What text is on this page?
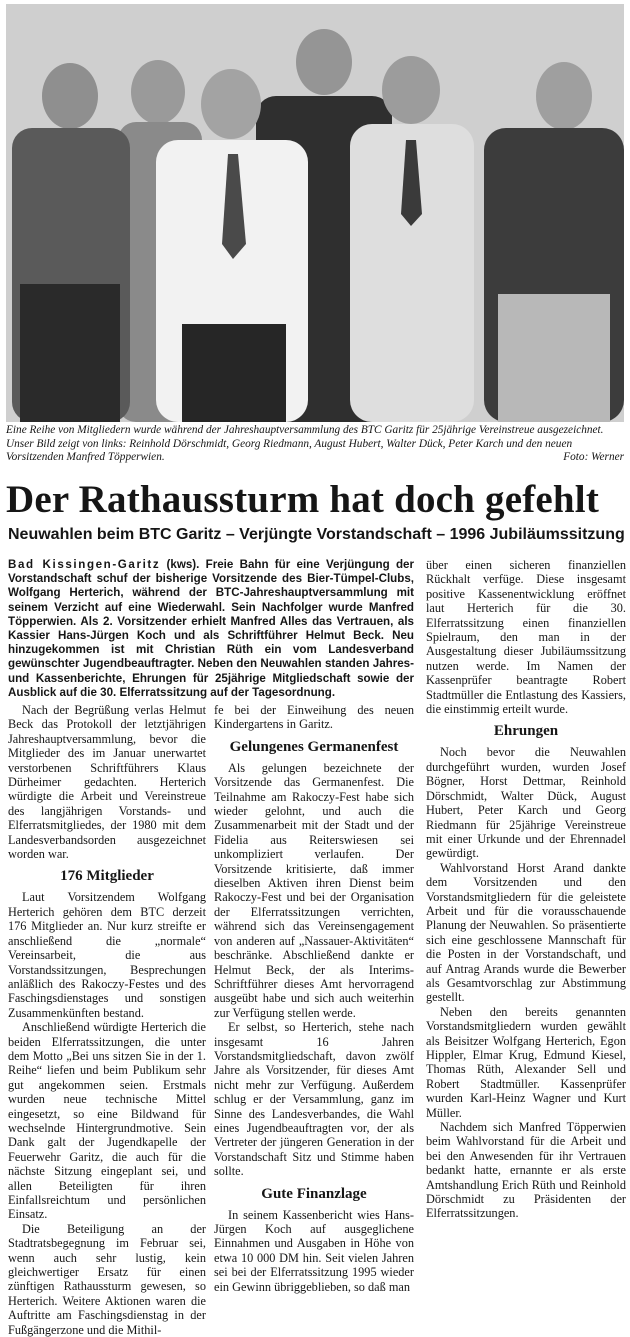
Eine Reihe von Mitgliedern wurde während der Jahreshauptversammlung des BTC Garitz für 25jährige Vereinstreue ausgezeichnet. Unser Bild zeigt von links: Reinhold Dörschmidt, Georg Riedmann, August Hubert, Walter Dück, Peter Karch und den neuen Vorsitzenden Manfred Töpperwien.	Foto: Werner
Der Rathaussturm hat doch gefehlt
Neuwahlen beim BTC Garitz – Verjüngte Vorstandschaft – 1996 Jubiläumssitzung
Bad Kissingen-Garitz (kws). Freie Bahn für eine Verjüngung der Vorstandschaft schuf der bisherige Vorsitzende des Bier-Tümpel-Clubs, Wolfgang Herterich, während der BTC-Jahreshauptversammlung mit seinem Verzicht auf eine Wiederwahl. Sein Nachfolger wurde Manfred Töpperwien. Als 2. Vorsitzender erhielt Manfred Alles das Vertrauen, als Kassier Hans-Jürgen Koch und als Schriftführer Helmut Beck. Neu hinzugekommen ist mit Christian Rüth ein vom Landesverband gewünschter Jugendbeauftragter. Neben den Neuwahlen standen Jahres- und Kassenberichte, Ehrungen für 25jährige Mitgliedschaft sowie der Ausblick auf die 30. Elferratssitzung auf der Tagesordnung.

Nach der Begrüßung verlas Helmut Beck das Protokoll der letztjährigen Jahreshauptversammlung, bevor die Mitglieder des im Januar unerwartet verstorbenen Schriftführers Klaus Dürheimer gedachten. Herterich würdigte die Arbeit und Vereinstreue des langjährigen Vorstands- und Elferratsmitgliedes, der 1980 mit dem Landesverbandsorden ausgezeichnet worden war.

176 Mitglieder

Laut Vorsitzendem Wolfgang Herterich gehören dem BTC derzeit 176 Mitglieder an. Nur kurz streifte er anschließend die „normale“ Vereinsarbeit, die aus Vorstandssitzungen, Besprechungen anläßlich des Rakoczy-Festes und des Faschingsdienstages und sonstigen Zusammenkünften bestand.

Anschließend würdigte Herterich die beiden Elferratssitzungen, die unter dem Motto „Bei uns sitzen Sie in der 1. Reihe“ liefen und beim Publikum sehr gut angekommen seien. Erstmals wurden neue technische Mittel eingesetzt, so eine Bildwand für wechselnde Hintergrundmotive. Sein Dank galt der Jugendkapelle der Feuerwehr Garitz, die auch für die nächste Sitzung eingeplant sei, und allen Beteiligten für ihren Einfallsreichtum und persönlichen Einsatz.

Die Beteiligung an der Stadtratsbegegnung im Februar sei, wenn auch sehr lustig, kein gleichwertiger Ersatz für einen zünftigen Rathaussturm gewesen, so Herterich. Weitere Aktionen waren die Auftritte am Faschingsdienstag in der Fußgängerzone und die Mithil-

fe bei der Einweihung des neuen Kindergartens in Garitz.

Gelungenes Germanenfest

Als gelungen bezeichnete der Vorsitzende das Germanenfest. Die Teilnahme am Rakoczy-Fest habe sich wieder gelohnt, und auch die Zusammenarbeit mit der Stadt und der Fidelia aus Reiterswiesen sei unkompliziert verlaufen. Der Vorsitzende kritisierte, daß immer dieselben Aktiven ihren Dienst beim Rakoczy-Fest und bei der Organisation der Elferratssitzungen verrichten, während sich das Vereinsengagement von anderen auf „Nassauer-Aktivitäten“ beschränke. Abschließend dankte er Helmut Beck, der als Interims-Schriftführer dieses Amt hervorragend ausgeübt habe und sich auch weiterhin zur Verfügung stellen werde.

Er selbst, so Herterich, stehe nach insgesamt 16 Jahren Vorstandsmitgliedschaft, davon zwölf Jahre als Vorsitzender, für dieses Amt nicht mehr zur Verfügung. Außerdem schlug er der Versammlung, ganz im Sinne des Landesverbandes, die Wahl eines Jugendbeauftragten vor, der als Vertreter der jüngeren Generation in der Vorstandschaft Sitz und Stimme haben sollte.

Gute Finanzlage

In seinem Kassenbericht wies Hans-Jürgen Koch auf ausgeglichene Einnahmen und Ausgaben in Höhe von etwa 10 000 DM hin. Seit vielen Jahren sei bei der Elferratssitzung 1995 wieder ein Gewinn übriggeblieben, so daß man

über einen sicheren finanziellen Rückhalt verfüge. Diese insgesamt positive Kassenentwicklung eröffnet laut Herterich für die 30. Elferratssitzung einen finanziellen Spielraum, den man in der Ausgestaltung dieser Jubiläumssitzung nutzen werde. Im Namen der Kassenprüfer beantragte Robert Stadtmüller die Entlastung des Kassiers, die einstimmig erteilt wurde.

Ehrungen

Noch bevor die Neuwahlen durchgeführt wurden, wurden Josef Bögner, Horst Dettmar, Reinhold Dörschmidt, Walter Dück, August Hubert, Peter Karch und Georg Riedmann für 25jährige Vereinstreue mit einer Urkunde und der Ehrennadel gewürdigt.

Wahlvorstand Horst Arand dankte dem Vorsitzenden und den Vorstandsmitgliedern für die geleistete Arbeit und für die vorausschauende Planung der Neuwahlen. So präsentierte sich eine geschlossene Mannschaft für die Posten in der Vorstandschaft, und auf Antrag Arands wurde die Bewerber als Gesamtvorschlag zur Abstimmung gestellt.

Neben den bereits genannten Vorstandsmitgliedern wurden gewählt als Beisitzer Wolfgang Herterich, Egon Hippler, Elmar Krug, Edmund Kiesel, Thomas Rüth, Alexander Sell und Robert Stadtmüller. Kassenprüfer wurden Karl-Heinz Wagner und Kurt Müller.

Nachdem sich Manfred Töpperwien beim Wahlvorstand für die Arbeit und bei den Anwesenden für ihr Vertrauen bedankt hatte, ernannte er als erste Amtshandlung Erich Rüth und Reinhold Dörschmidt zu Präsidenten der Elferratssitzungen.
